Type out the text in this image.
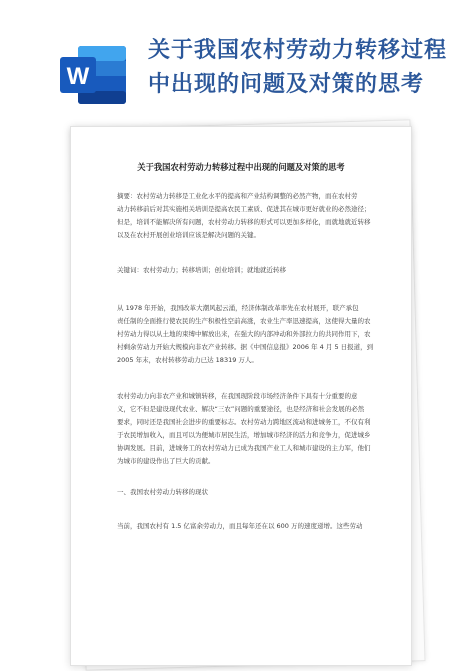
W
关于我国农村劳动力转移过程
中出现的问题及对策的思考
关于我国农村劳动力转移过程中出现的问题及对策的思考

摘要：农村劳动力转移是工业化水平的提高和产业结构调整的必然产物，而在农村劳

动力转移前后对其实施相关培训是提高农民工素质、促进其在城市更好就业的必然途径；

但是，培训不能解决所有问题，农村劳动力转移的形式可以更加多样化，而就地就近转移

以及在农村开展创业培训应该是解决问题的关键。

关键词：农村劳动力；转移培训；创业培训；就地就近转移

从 1978 年开始，我国改革大潮风起云涌，经济体制改革率先在农村展开，联产承包

责任制的全面推行使农民的生产积极性空前高涨，农业生产率迅速提高，这使得大量的农

村劳动力得以从土地的束缚中解放出来，在强大的内部冲动和外部拉力的共同作用下，农

村剩余劳动力开始大规模向非农产业转移。据《中国信息报》2006 年 4 月 5 日报道，到

2005 年末，农村转移劳动力已达 18319 万人。

农村劳动力向非农产业和城镇转移，在我国现阶段市场经济条件下具有十分重要的意

义，它不但是建设现代农业、解决“三农”问题的重要途径，也是经济和社会发展的必然

要求，同时还是我国社会进步的重要标志。农村劳动力跨地区流动和进城务工，不仅有利

于农民增加收入，而且可以为便城市居民生活，增加城市经济的活力和竞争力，促进城乡

协调发展。目前，进城务工的农村劳动力已成为我国产业工人和城市建设的主力军，他们

为城市的建设作出了巨大的贡献。

一、我国农村劳动力转移的现状

当前，我国农村有 1.5 亿富余劳动力，而且每年还在以 600 万的速度递增。这些劳动
